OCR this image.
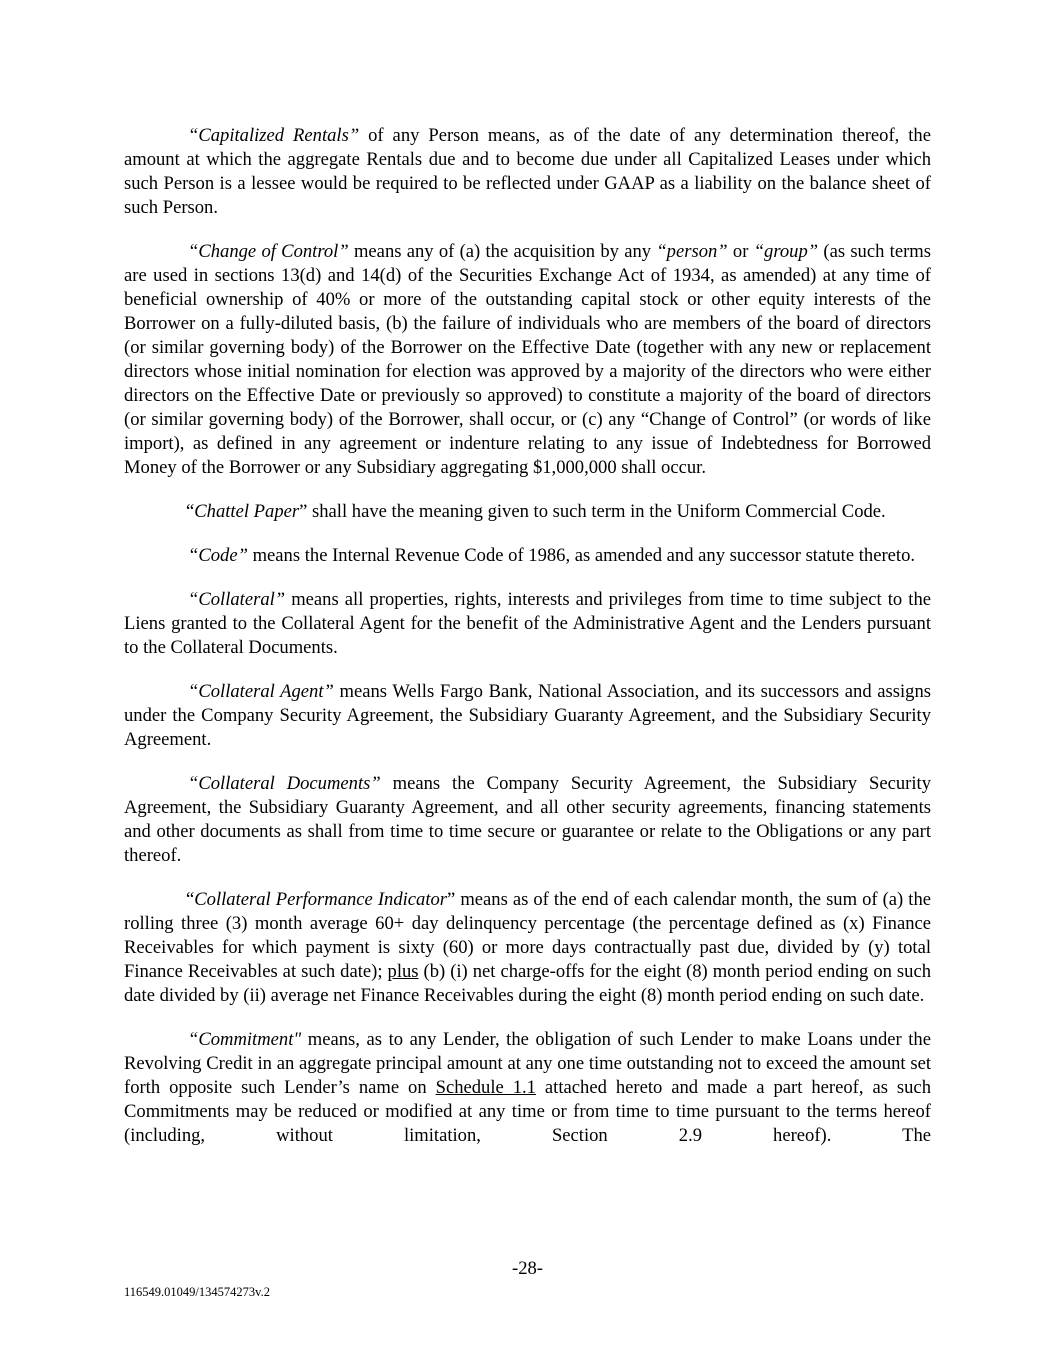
“Capitalized Rentals” of any Person means, as of the date of any determination thereof, the amount at which the aggregate Rentals due and to become due under all Capitalized Leases under which such Person is a lessee would be required to be reflected under GAAP as a liability on the balance sheet of such Person.

“Change of Control” means any of (a) the acquisition by any “person” or “group” (as such terms are used in sections 13(d) and 14(d) of the Securities Exchange Act of 1934, as amended) at any time of beneficial ownership of 40% or more of the outstanding capital stock or other equity interests of the Borrower on a fully-diluted basis, (b) the failure of individuals who are members of the board of directors (or similar governing body) of the Borrower on the Effective Date (together with any new or replacement directors whose initial nomination for election was approved by a majority of the directors who were either directors on the Effective Date or previously so approved) to constitute a majority of the board of directors (or similar governing body) of the Borrower, shall occur, or (c) any “Change of Control” (or words of like import), as defined in any agreement or indenture relating to any issue of Indebtedness for Borrowed Money of the Borrower or any Subsidiary aggregating $1,000,000 shall occur.

“Chattel Paper” shall have the meaning given to such term in the Uniform Commercial Code.

“Code” means the Internal Revenue Code of 1986, as amended and any successor statute thereto.

“Collateral” means all properties, rights, interests and privileges from time to time subject to the Liens granted to the Collateral Agent for the benefit of the Administrative Agent and the Lenders pursuant to the Collateral Documents.

“Collateral Agent” means Wells Fargo Bank, National Association, and its successors and assigns under the Company Security Agreement, the Subsidiary Guaranty Agreement, and the Subsidiary Security Agreement.

“Collateral Documents” means the Company Security Agreement, the Subsidiary Security Agreement, the Subsidiary Guaranty Agreement, and all other security agreements, financing statements and other documents as shall from time to time secure or guarantee or relate to the Obligations or any part thereof.

“Collateral Performance Indicator” means as of the end of each calendar month, the sum of (a) the rolling three (3) month average 60+ day delinquency percentage (the percentage defined as (x) Finance Receivables for which payment is sixty (60) or more days contractually past due, divided by (y) total Finance Receivables at such date); plus (b) (i) net charge-offs for the eight (8) month period ending on such date divided by (ii) average net Finance Receivables during the eight (8) month period ending on such date.

“Commitment" means, as to any Lender, the obligation of such Lender to make Loans under the Revolving Credit in an aggregate principal amount at any one time outstanding not to exceed the amount set forth opposite such Lender’s name on Schedule 1.1 attached hereto and made a part hereof, as such Commitments may be reduced or modified at any time or from time to time pursuant to the terms hereof (including, without limitation, Section 2.9 hereof). The

-28-
116549.01049/134574273v.2
